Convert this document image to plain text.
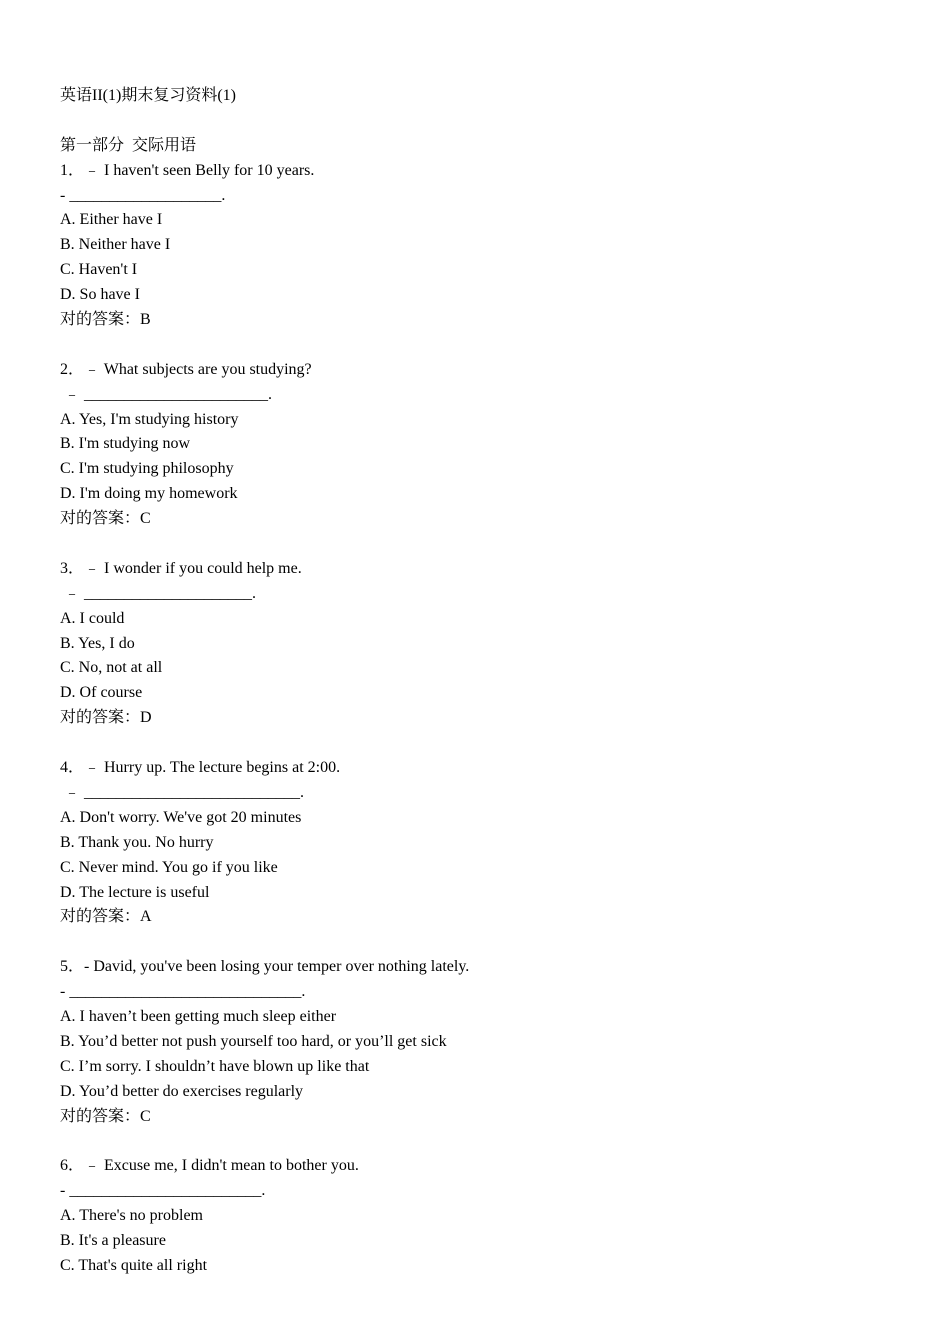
英语II(1)期末复习资料(1)

第一部分  交际用语

1．﹣ I haven't seen Belly for 10 years.

- ___________________.

A. Either have I

B. Neither have I

C. Haven't I

D. So have I

对的答案：B

2．﹣ What subjects are you studying?

﹣ _______________________.

A. Yes, I'm studying history

B. I'm studying now

C. I'm studying philosophy

D. I'm doing my homework

对的答案：C

3．﹣ I wonder if you could help me.

﹣ _____________________.

A. I could

B. Yes, I do

C. No, not at all

D. Of course

对的答案：D

4．﹣ Hurry up. The lecture begins at 2:00.

﹣ ___________________________.

A. Don't worry. We've got 20 minutes

B. Thank you. No hurry

C. Never mind. You go if you like

D. The lecture is useful

对的答案：A

5．- David, you've been losing your temper over nothing lately.

- _____________________________.

A. I haven’t been getting much sleep either

B. You’d better not push yourself too hard, or you’ll get sick

C. I’m sorry. I shouldn’t have blown up like that

D. You’d better do exercises regularly

对的答案：C

6．﹣ Excuse me, I didn't mean to bother you.

- ________________________.

A. There's no problem

B. It's a pleasure

C. That's quite all right
